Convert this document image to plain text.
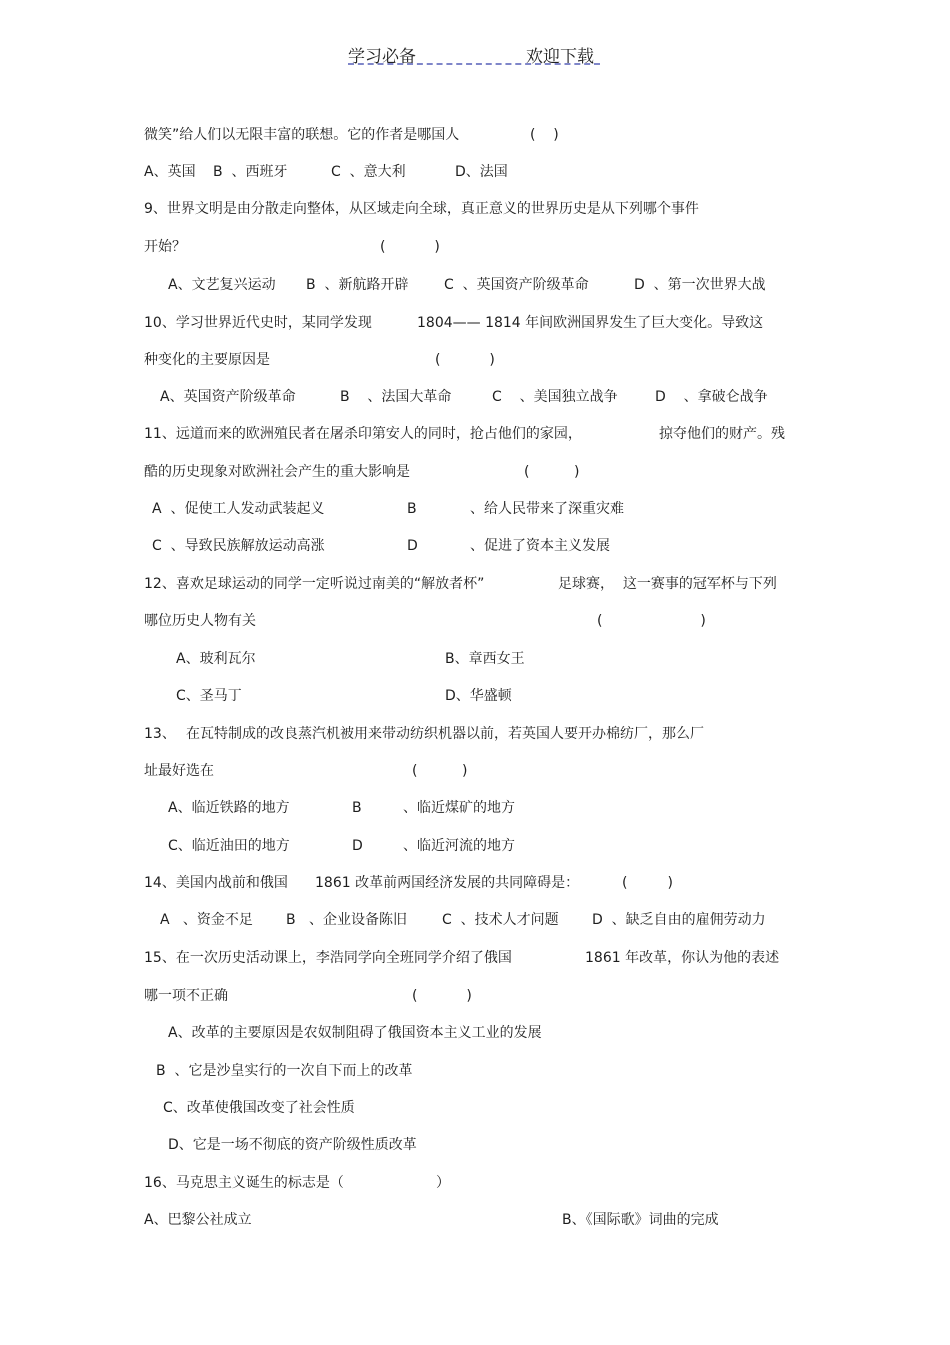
学习必备	欢迎下载
微笑”给人们以无限丰富的联想。它的作者是哪国人	(    )
A、英国 B  、西班牙	C  、意大利	D、法国
9、世界文明是由分散走向整体，从区域走向全球，真正意义的世界历史是从下列哪个事件
开始？	(           )
A、文艺复兴运动 B  、新航路开辟	C  、英国资产阶级革命	D  、第一次世界大战
10、学习世界近代史时，某同学发现	1804—— 1814 年间欧洲国界发生了巨大变化。导致这
种变化的主要原因是	(           )
A、英国资产阶级革命	B    、法国大革命	C    、美国独立战争	D    、拿破仑战争
11、远道而来的欧洲殖民者在屠杀印第安人的同时，抢占他们的家园，	掠夺他们的财产。残
酷的历史现象对欧洲社会产生的重大影响是	(          )
A  、促使工人发动武装起义	B	、给人民带来了深重灾难
C  、导致民族解放运动高涨	D	、促进了资本主义发展
12、喜欢足球运动的同学一定听说过南美的“解放者杯”	足球赛，  这一赛事的冠军杯与下列
哪位历史人物有关	(                      )
A、玻利瓦尔	B、章西女王
C、圣马丁	D、华盛顿
13、 在瓦特制成的改良蒸汽机被用来带动纺织机器以前，若英国人要开办棉纺厂，那么厂
址最好选在	(          )
A、临近铁路的地方	B	、临近煤矿的地方
C、临近油田的地方	D	、临近河流的地方
14、美国内战前和俄国 1861 改革前两国经济发展的共同障碍是：	(         )
A   、资金不足 B   、企业设备陈旧	C  、技术人才问题 D  、缺乏自由的雇佣劳动力
15、在一次历史活动课上，李浩同学向全班同学介绍了俄国	1861 年改革，你认为他的表述
哪一项不正确	(           )
A、改革的主要原因是农奴制阻碍了俄国资本主义工业的发展
B  、它是沙皇实行的一次自下而上的改革
C、改革使俄国改变了社会性质
D、它是一场不彻底的资产阶级性质改革
16、马克思主义诞生的标志是（	）
A、巴黎公社成立	B、《国际歌》词曲的完成
